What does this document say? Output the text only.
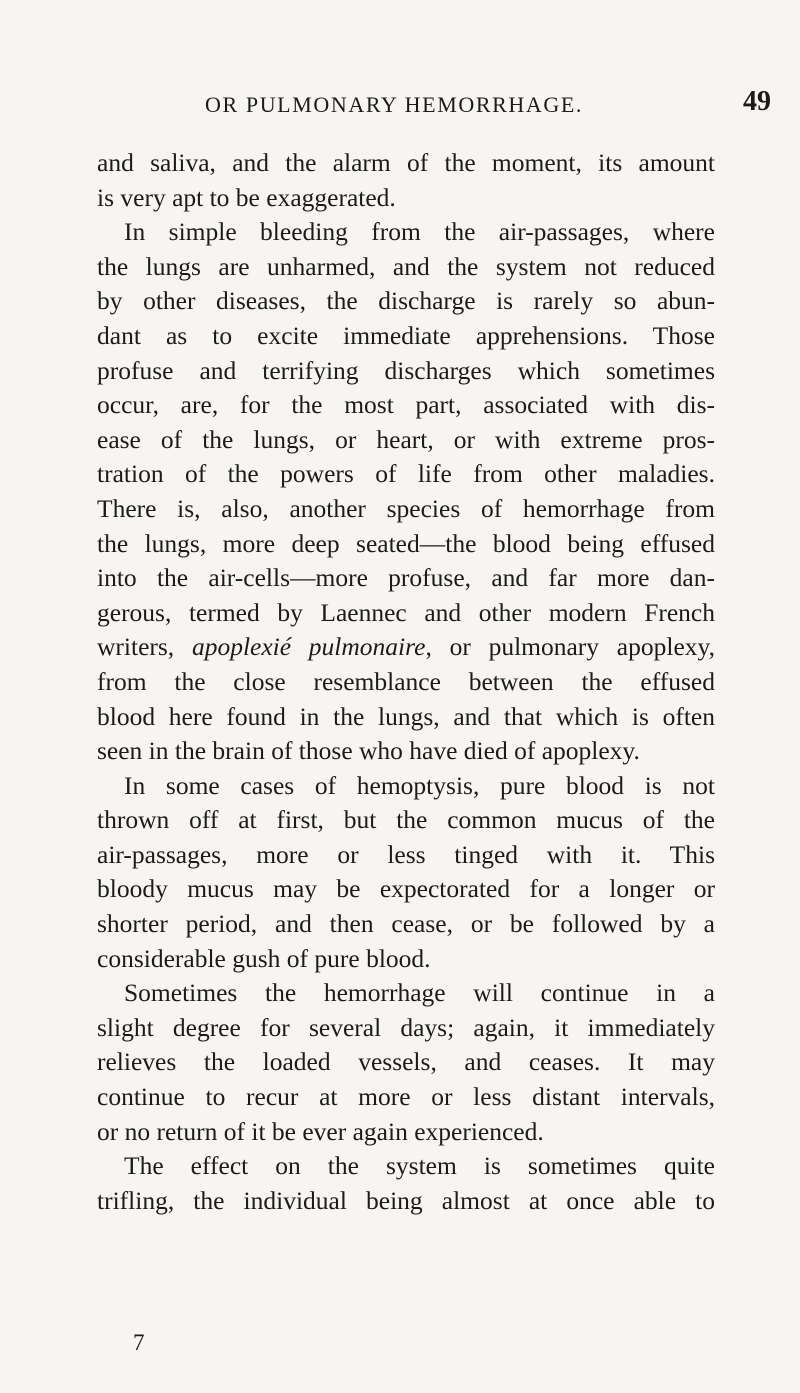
OR PULMONARY HEMORRHAGE.	49
and saliva, and the alarm of the moment, its amount
is very apt to be exaggerated.
In simple bleeding from the air-passages, where
the lungs are unharmed, and the system not reduced
by other diseases, the discharge is rarely so abun-
dant as to excite immediate apprehensions. Those
profuse and terrifying discharges which sometimes
occur, are, for the most part, associated with dis-
ease of the lungs, or heart, or with extreme pros-
tration of the powers of life from other maladies.
There is, also, another species of hemorrhage from
the lungs, more deep seated—the blood being effused
into the air-cells—more profuse, and far more dan-
gerous, termed by Laennec and other modern French
writers, apoplexié pulmonaire, or pulmonary apoplexy,
from the close resemblance between the effused
blood here found in the lungs, and that which is often
seen in the brain of those who have died of apoplexy.
In some cases of hemoptysis, pure blood is not
thrown off at first, but the common mucus of the
air-passages, more or less tinged with it. This
bloody mucus may be expectorated for a longer or
shorter period, and then cease, or be followed by a
considerable gush of pure blood.
Sometimes the hemorrhage will continue in a
slight degree for several days; again, it immediately
relieves the loaded vessels, and ceases. It may
continue to recur at more or less distant intervals,
or no return of it be ever again experienced.
The effect on the system is sometimes quite
trifling, the individual being almost at once able to
7
